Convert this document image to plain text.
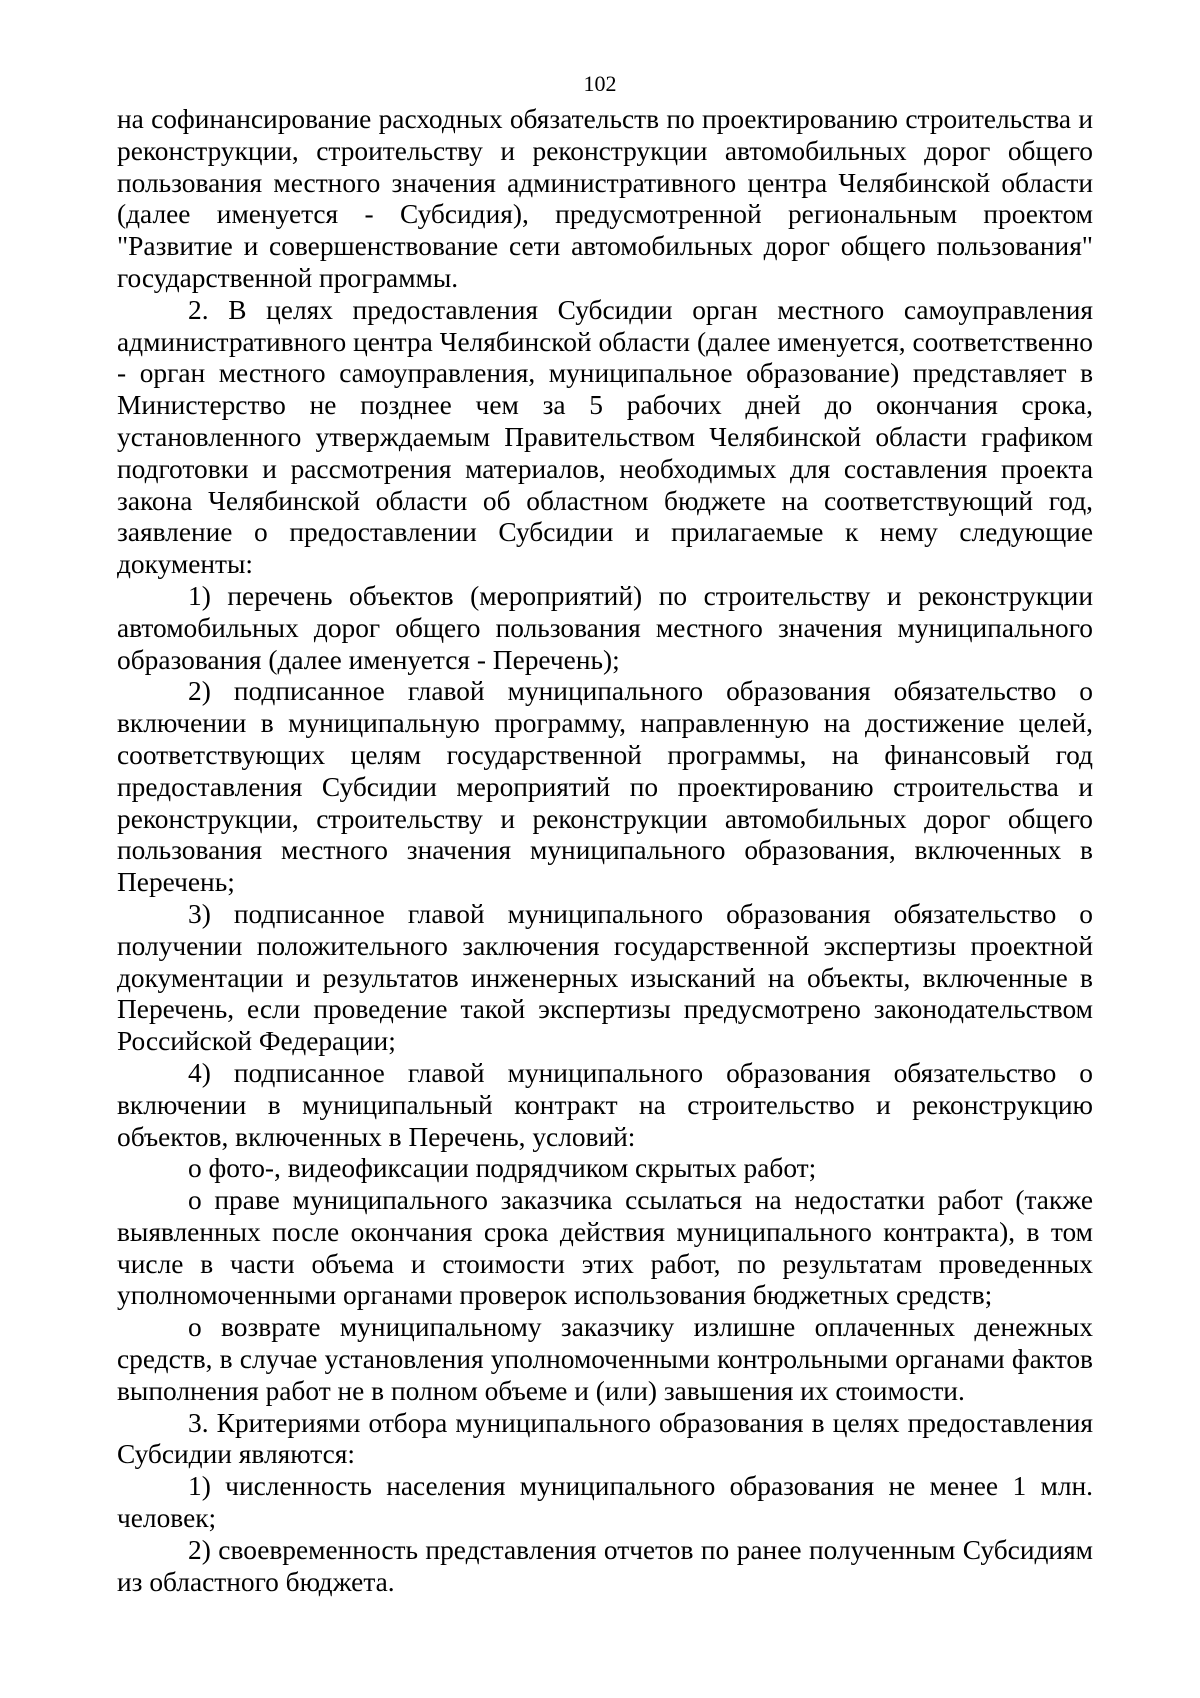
102

на софинансирование расходных обязательств по проектированию строительства и реконструкции, строительству и реконструкции автомобильных дорог общего пользования местного значения административного центра Челябинской области (далее именуется - Субсидия), предусмотренной региональным проектом "Развитие и совершенствование сети автомобильных дорог общего пользования" государственной программы.

2. В целях предоставления Субсидии орган местного самоуправления административного центра Челябинской области (далее именуется, соответственно - орган местного самоуправления, муниципальное образование) представляет в Министерство не позднее чем за 5 рабочих дней до окончания срока, установленного утверждаемым Правительством Челябинской области графиком подготовки и рассмотрения материалов, необходимых для составления проекта закона Челябинской области об областном бюджете на соответствующий год, заявление о предоставлении Субсидии и прилагаемые к нему следующие документы:

1) перечень объектов (мероприятий) по строительству и реконструкции автомобильных дорог общего пользования местного значения муниципального образования (далее именуется - Перечень);

2) подписанное главой муниципального образования обязательство о включении в муниципальную программу, направленную на достижение целей, соответствующих целям государственной программы, на финансовый год предоставления Субсидии мероприятий по проектированию строительства и реконструкции, строительству и реконструкции автомобильных дорог общего пользования местного значения муниципального образования, включенных в Перечень;

3) подписанное главой муниципального образования обязательство о получении положительного заключения государственной экспертизы проектной документации и результатов инженерных изысканий на объекты, включенные в Перечень, если проведение такой экспертизы предусмотрено законодательством Российской Федерации;

4) подписанное главой муниципального образования обязательство о включении в муниципальный контракт на строительство и реконструкцию объектов, включенных в Перечень, условий:

о фото-, видеофиксации подрядчиком скрытых работ;

о праве муниципального заказчика ссылаться на недостатки работ (также выявленных после окончания срока действия муниципального контракта), в том числе в части объема и стоимости этих работ, по результатам проведенных уполномоченными органами проверок использования бюджетных средств;

о возврате муниципальному заказчику излишне оплаченных денежных средств, в случае установления уполномоченными контрольными органами фактов выполнения работ не в полном объеме и (или) завышения их стоимости.

3. Критериями отбора муниципального образования в целях предоставления Субсидии являются:

1) численность населения муниципального образования не менее 1 млн. человек;

2) своевременность представления отчетов по ранее полученным Субсидиям из областного бюджета.
